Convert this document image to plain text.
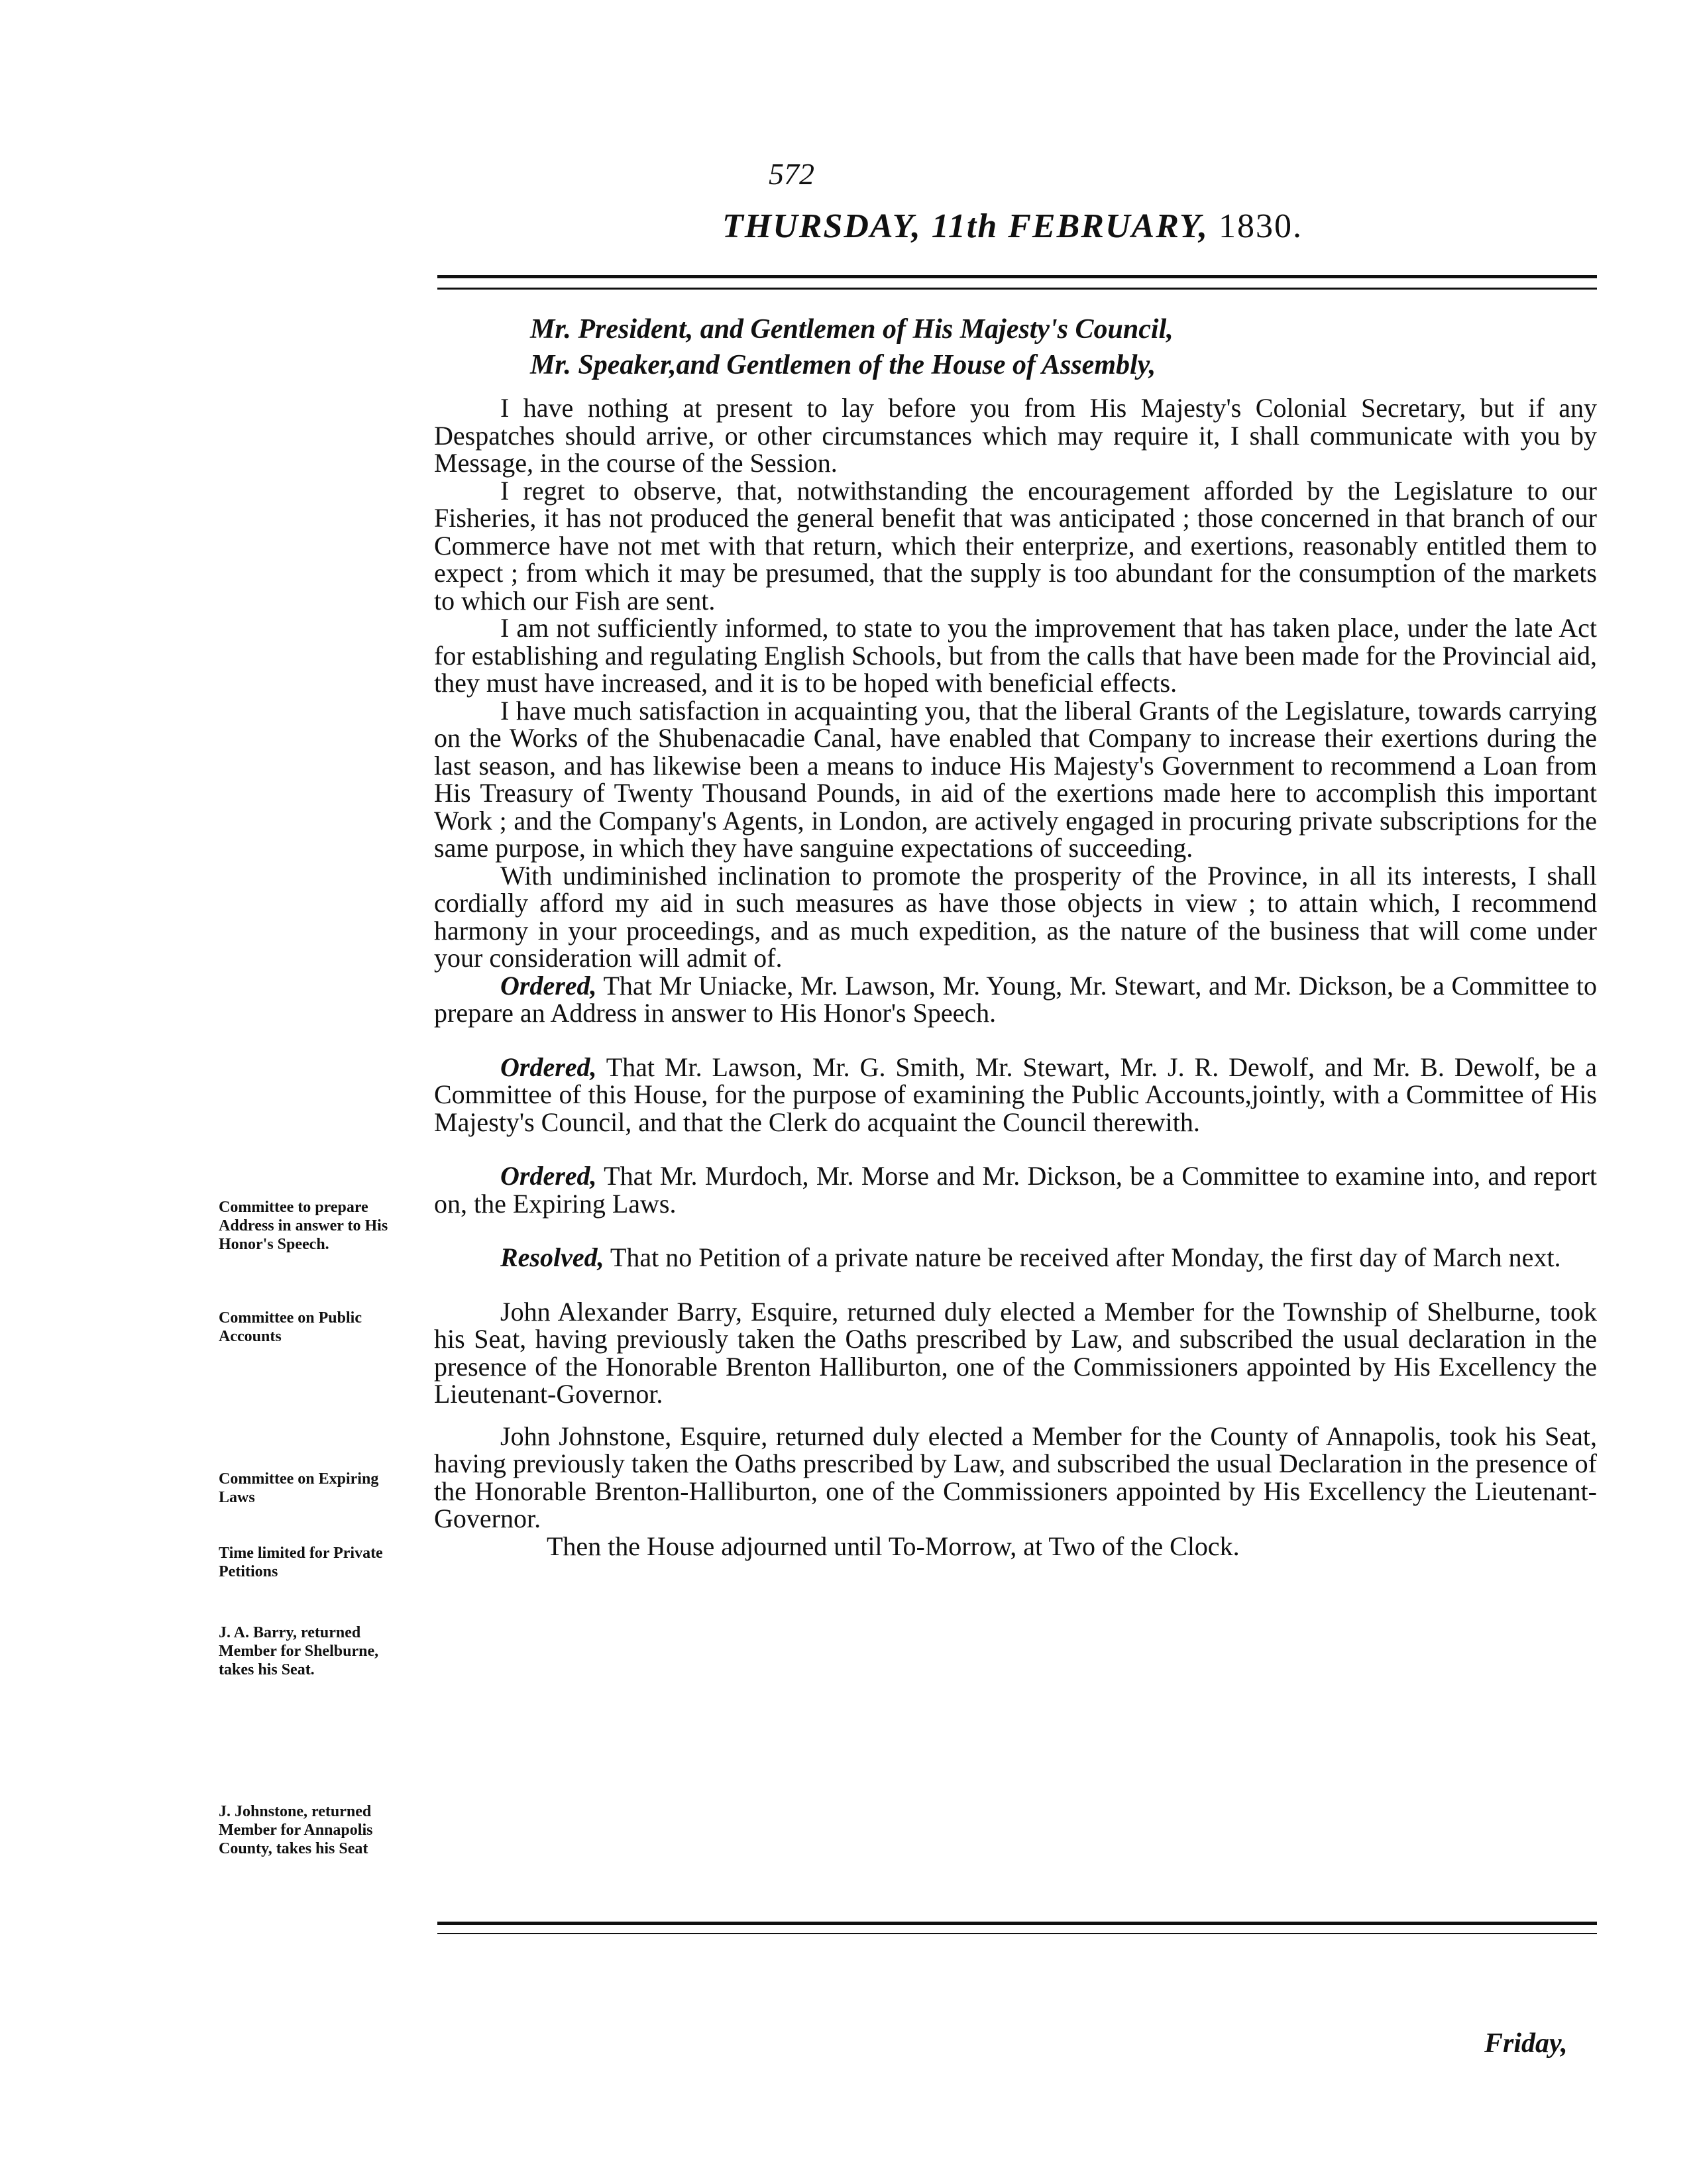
572
THURSDAY, 11th FEBRUARY, 1830.
Mr. President, and Gentlemen of His Majesty's Council,
Mr. Speaker,and Gentlemen of the House of Assembly,

I have nothing at present to lay before you from His Majesty's Colonial Secretary, but if any Despatches should arrive, or other circumstances which may require it, I shall communicate with you by Message, in the course of the Session.

I regret to observe, that, notwithstanding the encouragement afforded by the Legislature to our Fisheries, it has not produced the general benefit that was anticipated ; those concerned in that branch of our Commerce have not met with that return, which their enterprize, and exertions, reasonably entitled them to expect ; from which it may be presumed, that the supply is too abundant for the consumption of the markets to which our Fish are sent.

I am not sufficiently informed, to state to you the improvement that has taken place, under the late Act for establishing and regulating English Schools, but from the calls that have been made for the Provincial aid, they must have increased, and it is to be hoped with beneficial effects.

I have much satisfaction in acquainting you, that the liberal Grants of the Legislature, towards carrying on the Works of the Shubenacadie Canal, have enabled that Company to increase their exertions during the last season, and has likewise been a means to induce His Majesty's Government to recommend a Loan from His Treasury of Twenty Thousand Pounds, in aid of the exertions made here to accomplish this important Work ; and the Company's Agents, in London, are actively engaged in procuring private subscriptions for the same purpose, in which they have sanguine expectations of succeeding.

With undiminished inclination to promote the prosperity of the Province, in all its interests, I shall cordially afford my aid in such measures as have those objects in view ; to attain which, I recommend harmony in your proceedings, and as much expedition, as the nature of the business that will come under your consideration will admit of.

Ordered, That Mr Uniacke, Mr. Lawson, Mr. Young, Mr. Stewart, and Mr. Dickson, be a Committee to prepare an Address in answer to His Honor's Speech.

Ordered, That Mr. Lawson, Mr. G. Smith, Mr. Stewart, Mr. J. R. Dewolf, and Mr. B. Dewolf, be a Committee of this House, for the purpose of examining the Public Accounts,jointly, with a Committee of His Majesty's Council, and that the Clerk do acquaint the Council therewith.

Ordered, That Mr. Murdoch, Mr. Morse and Mr. Dickson, be a Committee to examine into, and report on, the Expiring Laws.

Resolved, That no Petition of a private nature be received after Monday, the first day of March next.

John Alexander Barry, Esquire, returned duly elected a Member for the Township of Shelburne, took his Seat, having previously taken the Oaths prescribed by Law, and subscribed the usual declaration in the presence of the Honorable Brenton Halliburton, one of the Commissioners appointed by His Excellency the Lieutenant-Governor.

John Johnstone, Esquire, returned duly elected a Member for the County of Annapolis, took his Seat, having previously taken the Oaths prescribed by Law, and subscribed the usual Declaration in the presence of the Honorable Brenton-Halliburton, one of the Commissioners appointed by His Excellency the Lieutenant-Governor.

Then the House adjourned until To-Morrow, at Two of the Clock.

Committee to prepare Address in answer to His Honor's Speech.
Committee on Public Accounts
Committee on Expiring Laws
Time limited for Private Petitions
J. A. Barry, returned Member for Shelburne, takes his Seat.
J. Johnstone, returned Member for Annapolis County, takes his Seat
Friday,
